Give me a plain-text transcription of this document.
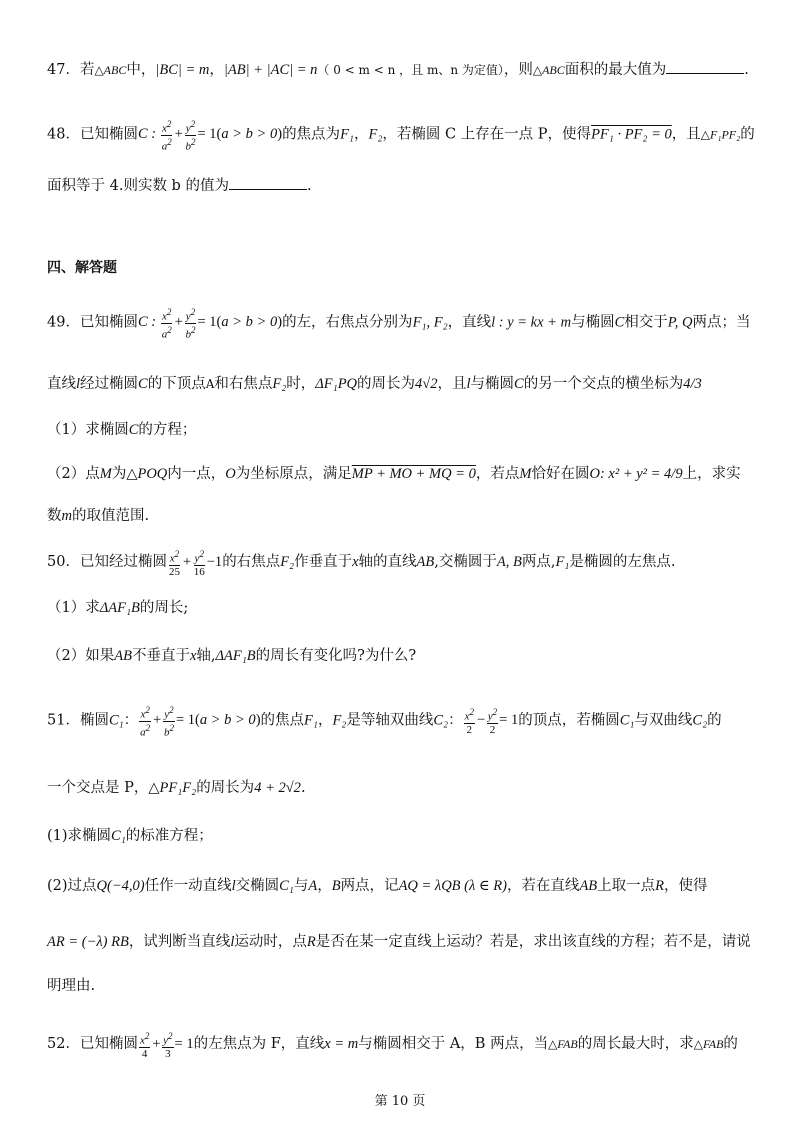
47．若△ABC中，|BC| = m，|AB| + |AC| = n（ 0 < m < n ，且 m、n 为定值），则△ABC面积的最大值为	.
48．已知椭圆C : $\frac{x^2}{a^2} + \frac{y^2}{b^2} = 1(a > b > 0)$的焦点为F₁，F₂，若椭圆 C 上存在一点 P，使得PF₁ · PF₂ = 0，且△F₁PF₂的
面积等于 4.则实数 b 的值为	.
四、解答题
49．已知椭圆C : $\frac{x^2}{a^2} + \frac{y^2}{b^2} = 1(a > b > 0)$的左，右焦点分别为F₁, F₂，直线l : y = kx + m与椭圆C相交于P, Q两点；当
直线l经过椭圆C的下顶点A和右焦点F₂时，ΔF₁PQ的周长为4√2，且l与椭圆C的另一个交点的横坐标为4/3
（1）求椭圆C的方程；
（2）点M为△POQ内一点，O为坐标原点，满足MP + MO + MQ = 0，若点M恰好在圆O: x² + y² = 4/9上，求实
数m的取值范围.
50．已知经过椭圆 $\frac{x^2}{25} + \frac{y^2}{16} -1$的右焦点F₂作垂直于x轴的直线AB,交椭圆于A, B两点,F₁是椭圆的左焦点.
（1）求ΔAF₁B的周长;
（2）如果AB不垂直于x轴,ΔAF₁B的周长有变化吗?为什么?
51．椭圆C₁： $\frac{x^2}{a^2} + \frac{y^2}{b^2} = 1(a > b > 0)$的焦点F₁，F₂是等轴双曲线C₂： $\frac{x^2}{2} - \frac{y^2}{2} = 1$的顶点，若椭圆C₁与双曲线C₂的
一个交点是 P，△PF₁F₂的周长为4 + 2√2.
(1)求椭圆C₁的标准方程；
(2)过点Q(−4,0)任作一动直线l交椭圆C₁与A，B两点，记AQ = λQB (λ ∈ R)，若在直线AB上取一点R，使得
AR = (−λ) RB，试判断当直线l运动时，点R是否在某一定直线上运动？若是，求出该直线的方程；若不是，请说
明理由.
52．已知椭圆 $\frac{x^2}{4} + \frac{y^2}{3} = 1$的左焦点为 F，直线x = m与椭圆相交于 A，B 两点，当△FAB的周长最大时，求△FAB的
第 10 页
